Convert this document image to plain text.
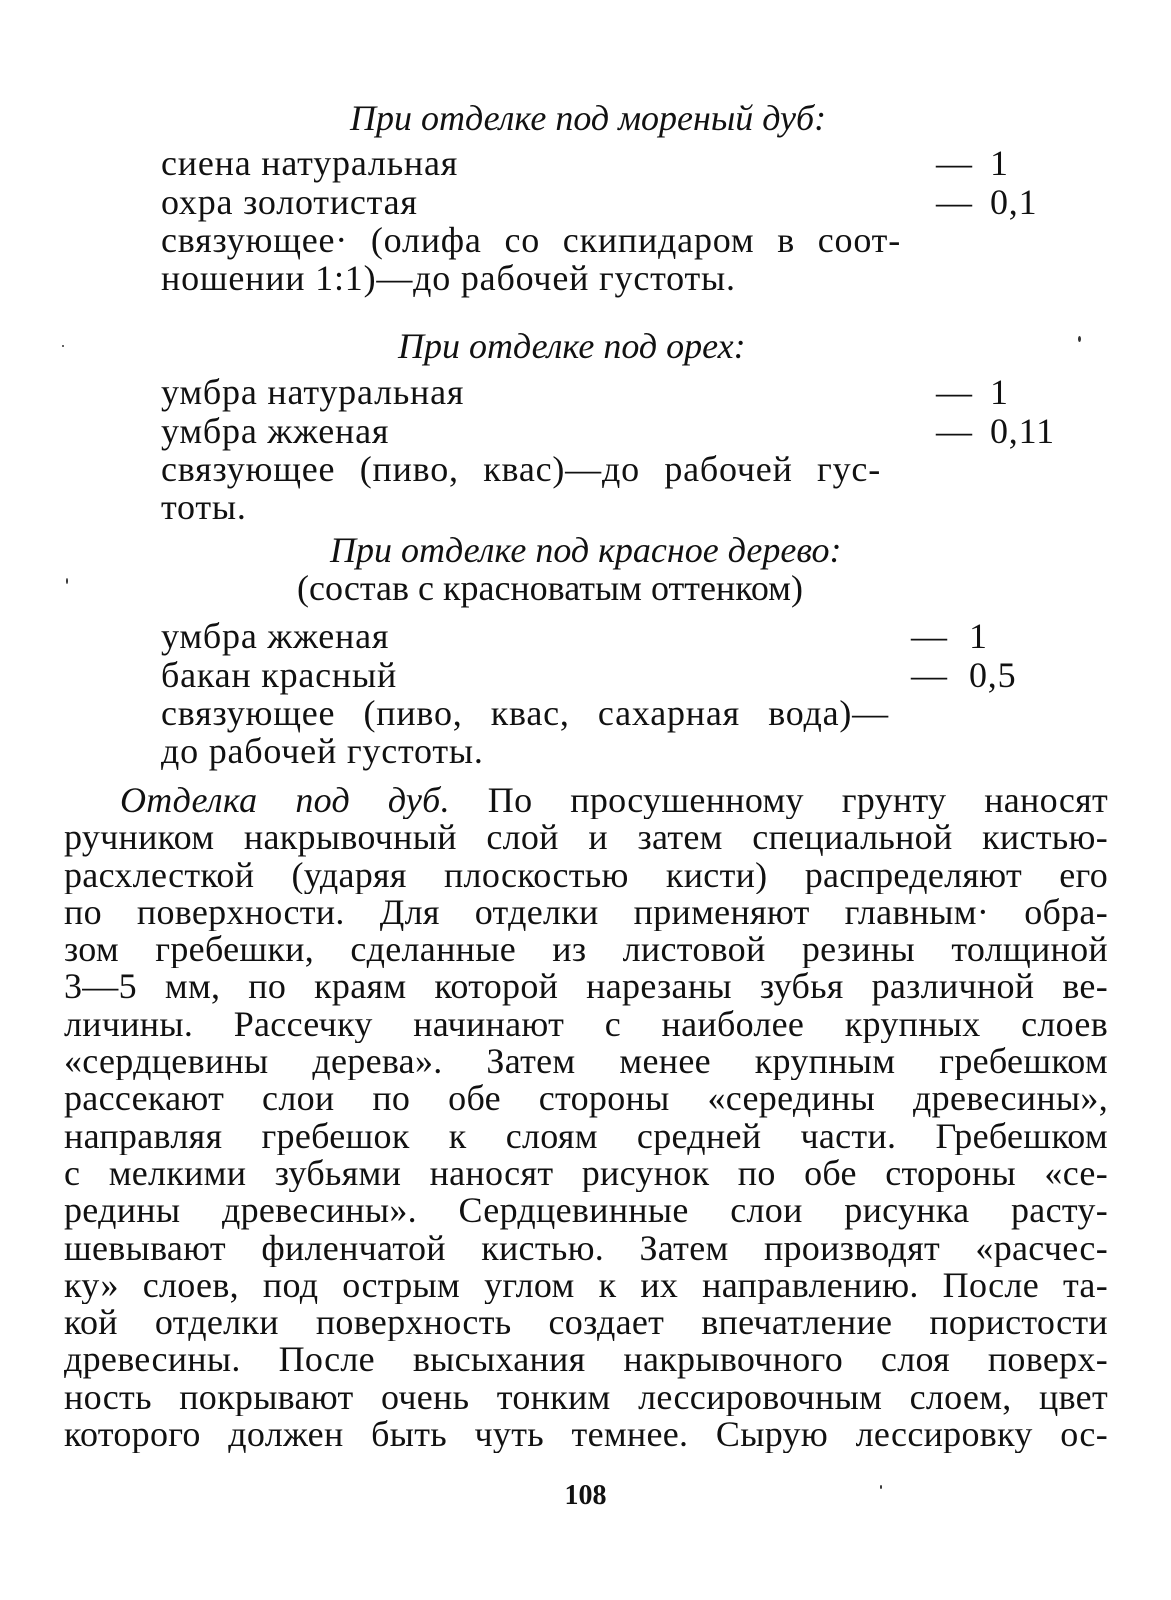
При отделке под мореный дуб:
сиена натуральная	— 1
охра золотистая	— 0,1
связующее· (олифа со скипидаром в соот-
ношении 1:1)—до рабочей густоты.
При отделке под орех:
умбра натуральная	— 1
умбра жженая	— 0,11
связующее (пиво, квас)—до рабочей гус-
тоты.
При отделке под красное дерево:
(состав с красноватым оттенком)
умбра жженая	— 1
бакан красный	— 0,5
связующее (пиво, квас, сахарная вода)—
до рабочей густоты.
Отделка под дуб. По просушенному грунту наносят
ручником накрывочный слой и затем специальной кистью-
расхлесткой (ударяя плоскостью кисти) распределяют его
по поверхности. Для отделки применяют главным· обра-
зом гребешки, сделанные из листовой резины толщиной
3—5 мм, по краям которой нарезаны зубья различной ве-
личины. Рассечку начинают с наиболее крупных слоев
«сердцевины дерева». Затем менее крупным гребешком
рассекают слои по обе стороны «середины древесины»,
направляя гребешок к слоям средней части. Гребешком
с мелкими зубьями наносят рисунок по обе стороны «се-
редины древесины». Сердцевинные слои рисунка расту-
шевывают филенчатой кистью. Затем производят «расчес-
ку» слоев, под острым углом к их направлению. После та-
кой отделки поверхность создает впечатление пористости
древесины. После высыхания накрывочного слоя поверх-
ность покрывают очень тонким лессировочным слоем, цвет
которого должен быть чуть темнее. Сырую лессировку ос-
108
